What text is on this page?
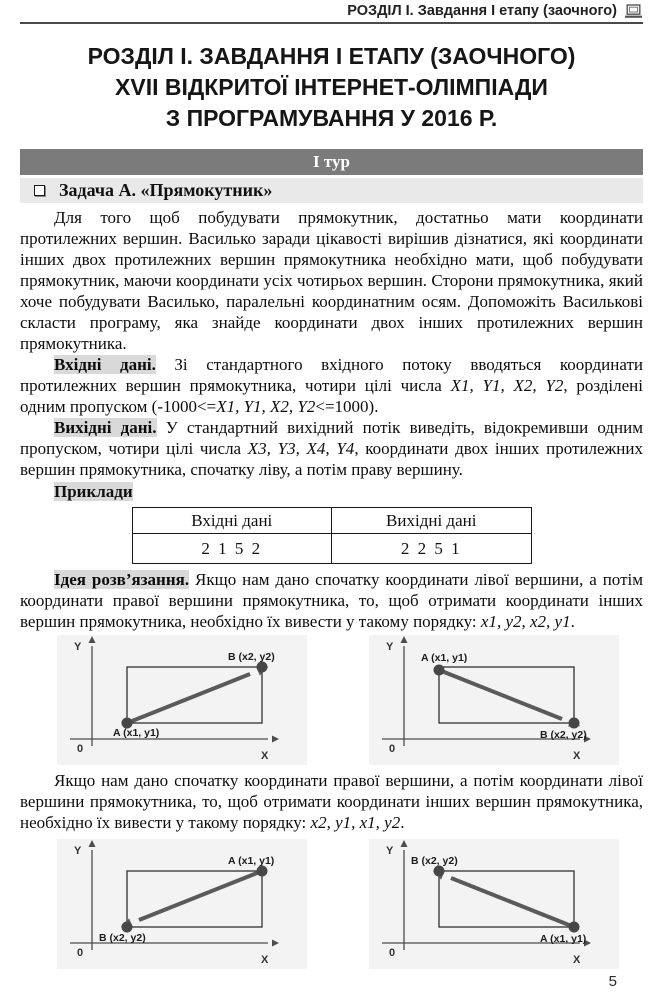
РОЗДІЛ І. Завдання І етапу (заочного)
РОЗДІЛ І. ЗАВДАННЯ І ЕТАПУ (ЗАОЧНОГО)
XVII ВІДКРИТОЇ ІНТЕРНЕТ-ОЛІМПІАДИ
З ПРОГРАМУВАННЯ У 2016 Р.
І тур
Задача А. «Прямокутник»

Для того щоб побудувати прямокутник, достатньо мати координати протилежних вершин. Василько заради цікавості вирішив дізнатися, які координати інших двох протилежних вершин прямокутника необхідно мати, щоб побудувати прямокутник, маючи координати усіх чотирьох вершин. Сторони прямокутника, який хоче побудувати Василько, паралельні координатним осям. Допоможіть Василькові скласти програму, яка знайде координати двох інших протилежних вершин прямокутника.

Вхідні дані. Зі стандартного вхідного потоку вводяться координати протилежних вершин прямокутника, чотири цілі числа X1, Y1, X2, Y2, розділені одним пропуском (-1000<=X1, Y1, X2, Y2<=1000).

Вихідні дані. У стандартний вихідний потік виведіть, відокремивши одним пропуском, чотири цілі числа X3, Y3, X4, Y4, координати двох інших протилежних вершин прямокутника, спочатку ліву, а потім праву вершину.

Приклади

Вхідні дані	Вихідні дані
2 1 5 2	2 2 5 1

Ідея розв’язання. Якщо нам дано спочатку координати лівої вершини, а потім координати правої вершини прямокутника, то, щоб отримати координати інших вершин прямокутника, необхідно їх вивести у такому порядку: x1, y2, x2, y1.

Y
X
0
A (x1, y1)
B (x2, y2)
Y
X
0
A (x1, y1)
B (x2, y2)

Якщо нам дано спочатку координати правої вершини, а потім координати лівої вершини прямокутника, то, щоб отримати координати інших вершин прямокутника, необхідно їх вивести у такому порядку: x2, y1, x1, y2.

Y
X
0
A (x1, y1)
B (x2, y2)
Y
X
0
B (x2, y2)
A (x1, y1)
5
